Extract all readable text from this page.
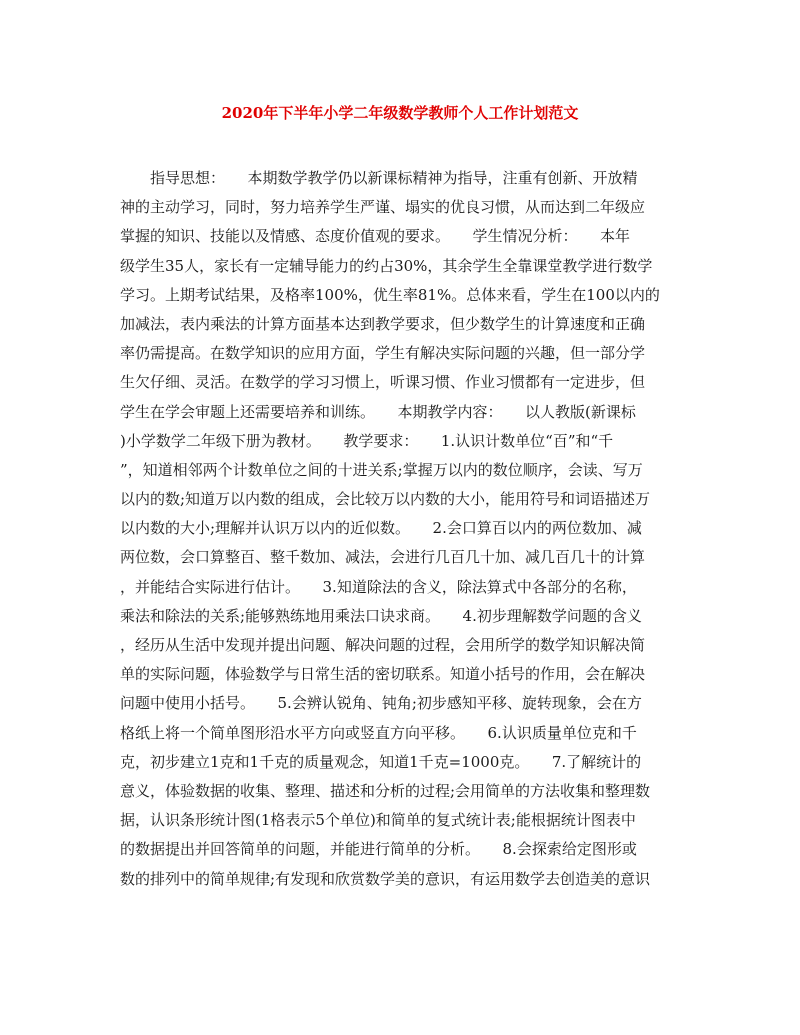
2020年下半年小学二年级数学教师个人工作计划范文
　　指导思想：　　本期数学教学仍以新课标精神为指导，注重有创新、开放精
神的主动学习，同时，努力培养学生严谨、塌实的优良习惯，从而达到二年级应
掌握的知识、技能以及情感、态度价值观的要求。　　学生情况分析：　　本年
级学生35人，家长有一定辅导能力的约占30%，其余学生全靠课堂教学进行数学
学习。上期考试结果，及格率100%，优生率81%。总体来看，学生在100以内的
加减法，表内乘法的计算方面基本达到教学要求，但少数学生的计算速度和正确
率仍需提高。在数学知识的应用方面，学生有解决实际问题的兴趣，但一部分学
生欠仔细、灵活。在数学的学习习惯上，听课习惯、作业习惯都有一定进步，但
学生在学会审题上还需要培养和训练。　　本期教学内容：　　以人教版(新课标
)小学数学二年级下册为教材。　　教学要求：　　1.认识计数单位“百”和“千
”，知道相邻两个计数单位之间的十进关系;掌握万以内的数位顺序，会读、写万
以内的数;知道万以内数的组成，会比较万以内数的大小，能用符号和词语描述万
以内数的大小;理解并认识万以内的近似数。　　2.会口算百以内的两位数加、减
两位数，会口算整百、整千数加、减法，会进行几百几十加、减几百几十的计算
，并能结合实际进行估计。　　3.知道除法的含义，除法算式中各部分的名称，
乘法和除法的关系;能够熟练地用乘法口诀求商。　　4.初步理解数学问题的含义
，经历从生活中发现并提出问题、解决问题的过程，会用所学的数学知识解决简
单的实际问题，体验数学与日常生活的密切联系。知道小括号的作用，会在解决
问题中使用小括号。　　5.会辨认锐角、钝角;初步感知平移、旋转现象，会在方
格纸上将一个简单图形沿水平方向或竖直方向平移。　　6.认识质量单位克和千
克，初步建立1克和1千克的质量观念，知道1千克=1000克。　　7.了解统计的
意义，体验数据的收集、整理、描述和分析的过程;会用简单的方法收集和整理数
据，认识条形统计图(1格表示5个单位)和简单的复式统计表;能根据统计图表中
的数据提出并回答简单的问题，并能进行简单的分析。　　8.会探索给定图形或
数的排列中的简单规律;有发现和欣赏数学美的意识，有运用数学去创造美的意识
